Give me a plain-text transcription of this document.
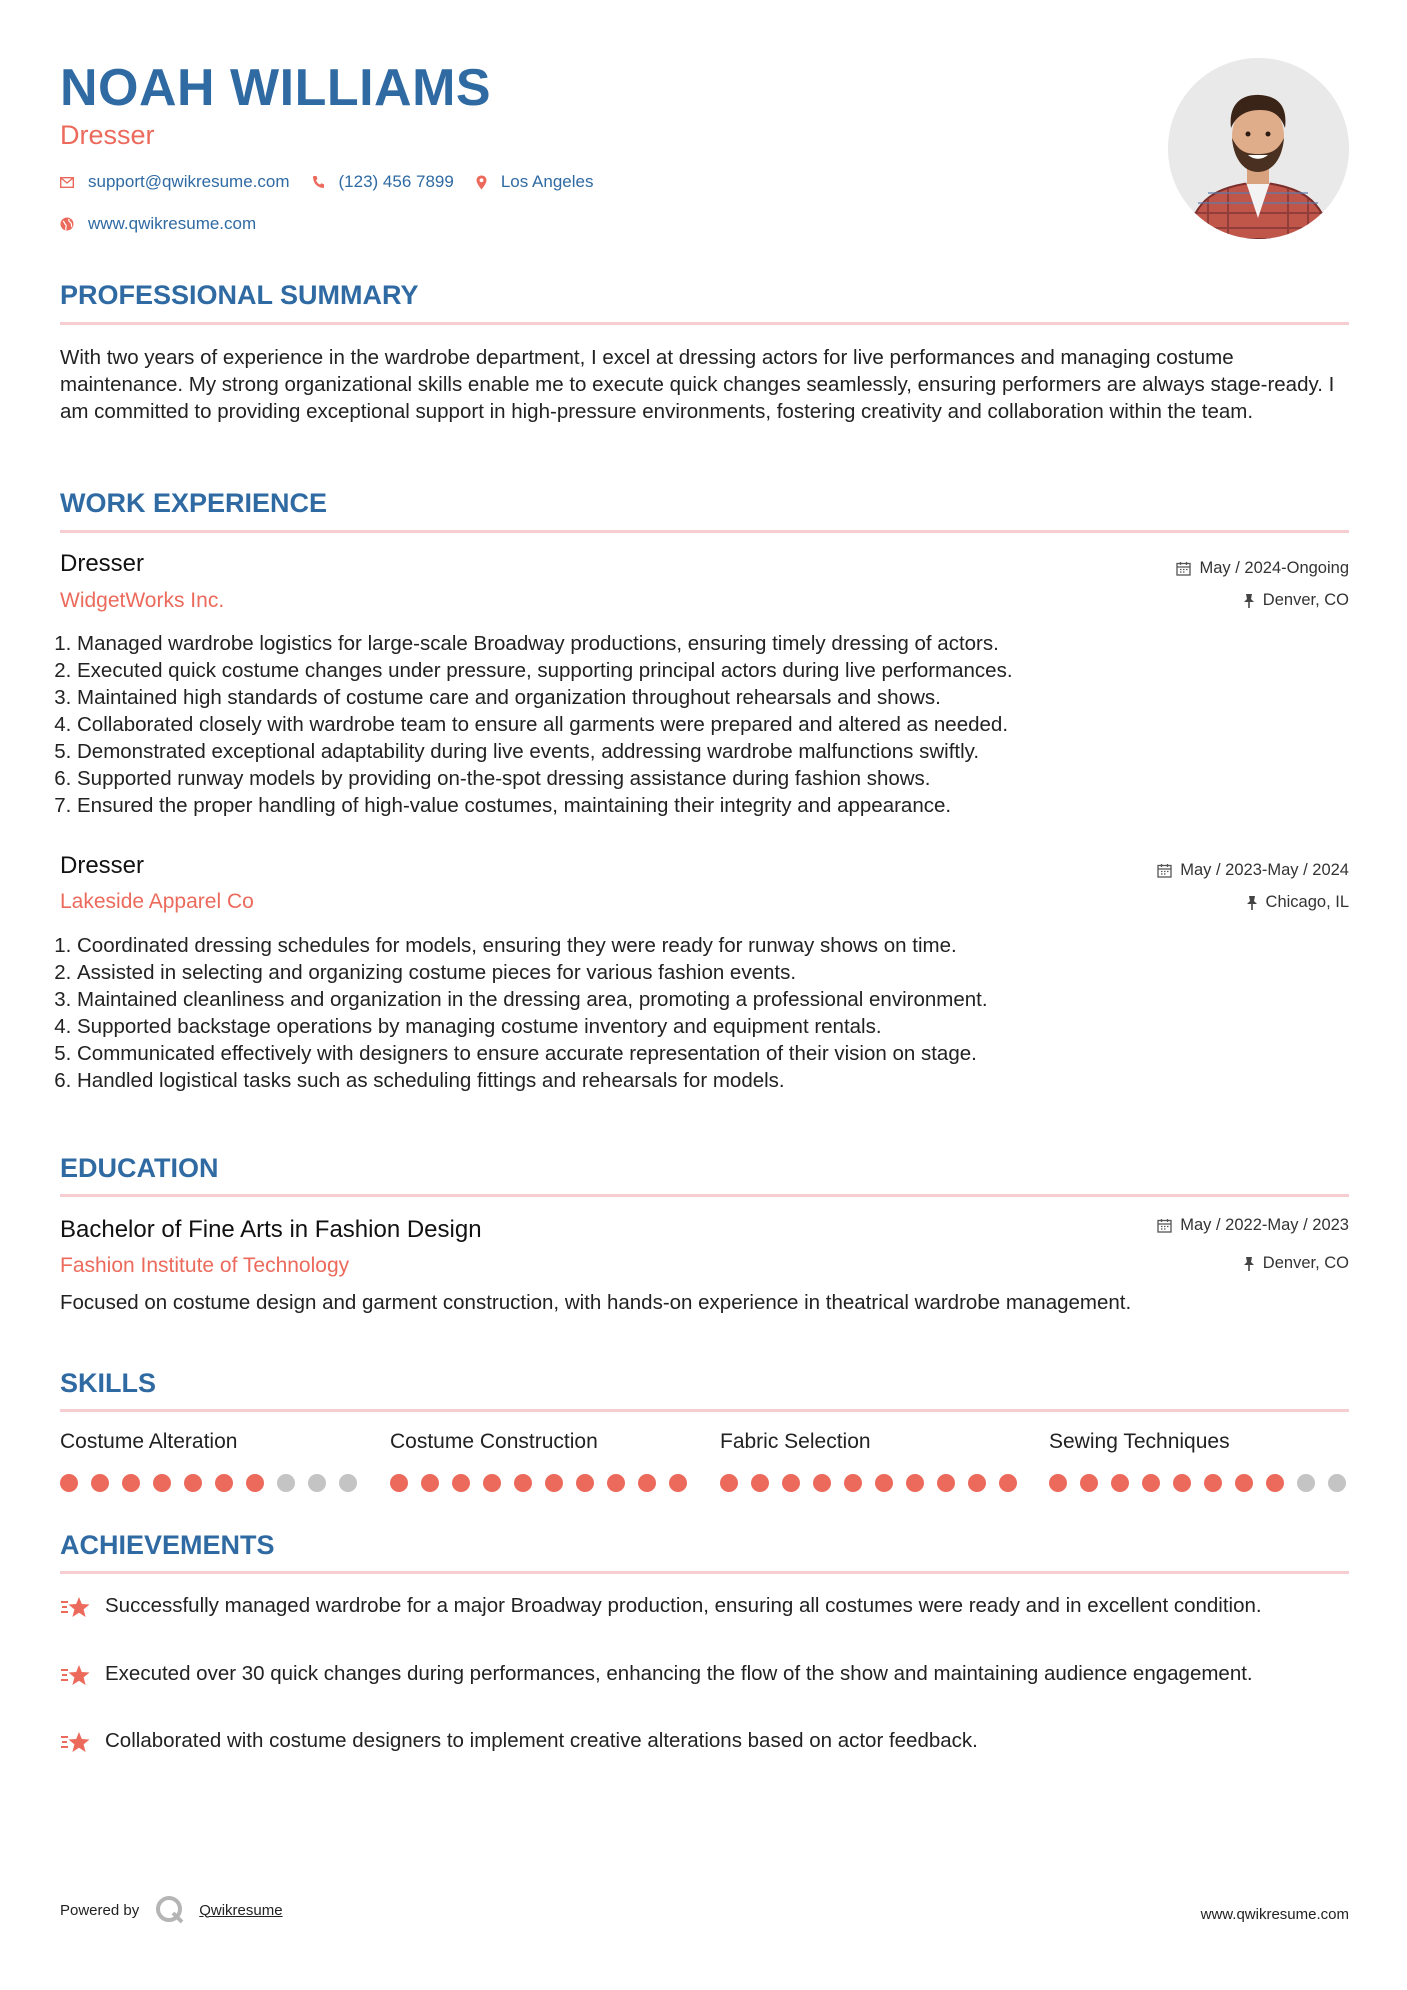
NOAH WILLIAMS
Dresser
support@qwikresume.com	(123) 456 7899	Los Angeles
www.qwikresume.com
PROFESSIONAL SUMMARY
With two years of experience in the wardrobe department, I excel at dressing actors for live performances and managing costume maintenance. My strong organizational skills enable me to execute quick changes seamlessly, ensuring performers are always stage-ready. I am committed to providing exceptional support in high-pressure environments, fostering creativity and collaboration within the team.
WORK EXPERIENCE
Dresser
WidgetWorks Inc.
May / 2024-Ongoing
Denver, CO
1. Managed wardrobe logistics for large-scale Broadway productions, ensuring timely dressing of actors.
2. Executed quick costume changes under pressure, supporting principal actors during live performances.
3. Maintained high standards of costume care and organization throughout rehearsals and shows.
4. Collaborated closely with wardrobe team to ensure all garments were prepared and altered as needed.
5. Demonstrated exceptional adaptability during live events, addressing wardrobe malfunctions swiftly.
6. Supported runway models by providing on-the-spot dressing assistance during fashion shows.
7. Ensured the proper handling of high-value costumes, maintaining their integrity and appearance.
Dresser
Lakeside Apparel Co
May / 2023-May / 2024
Chicago, IL
1. Coordinated dressing schedules for models, ensuring they were ready for runway shows on time.
2. Assisted in selecting and organizing costume pieces for various fashion events.
3. Maintained cleanliness and organization in the dressing area, promoting a professional environment.
4. Supported backstage operations by managing costume inventory and equipment rentals.
5. Communicated effectively with designers to ensure accurate representation of their vision on stage.
6. Handled logistical tasks such as scheduling fittings and rehearsals for models.
EDUCATION
Bachelor of Fine Arts in Fashion Design
Fashion Institute of Technology
May / 2022-May / 2023
Denver, CO
Focused on costume design and garment construction, with hands-on experience in theatrical wardrobe management.
SKILLS
Costume Alteration	Costume Construction	Fabric Selection	Sewing Techniques
ACHIEVEMENTS
Successfully managed wardrobe for a major Broadway production, ensuring all costumes were ready and in excellent condition.
Executed over 30 quick changes during performances, enhancing the flow of the show and maintaining audience engagement.
Collaborated with costume designers to implement creative alterations based on actor feedback.
Powered by	Qwikresume	www.qwikresume.com
